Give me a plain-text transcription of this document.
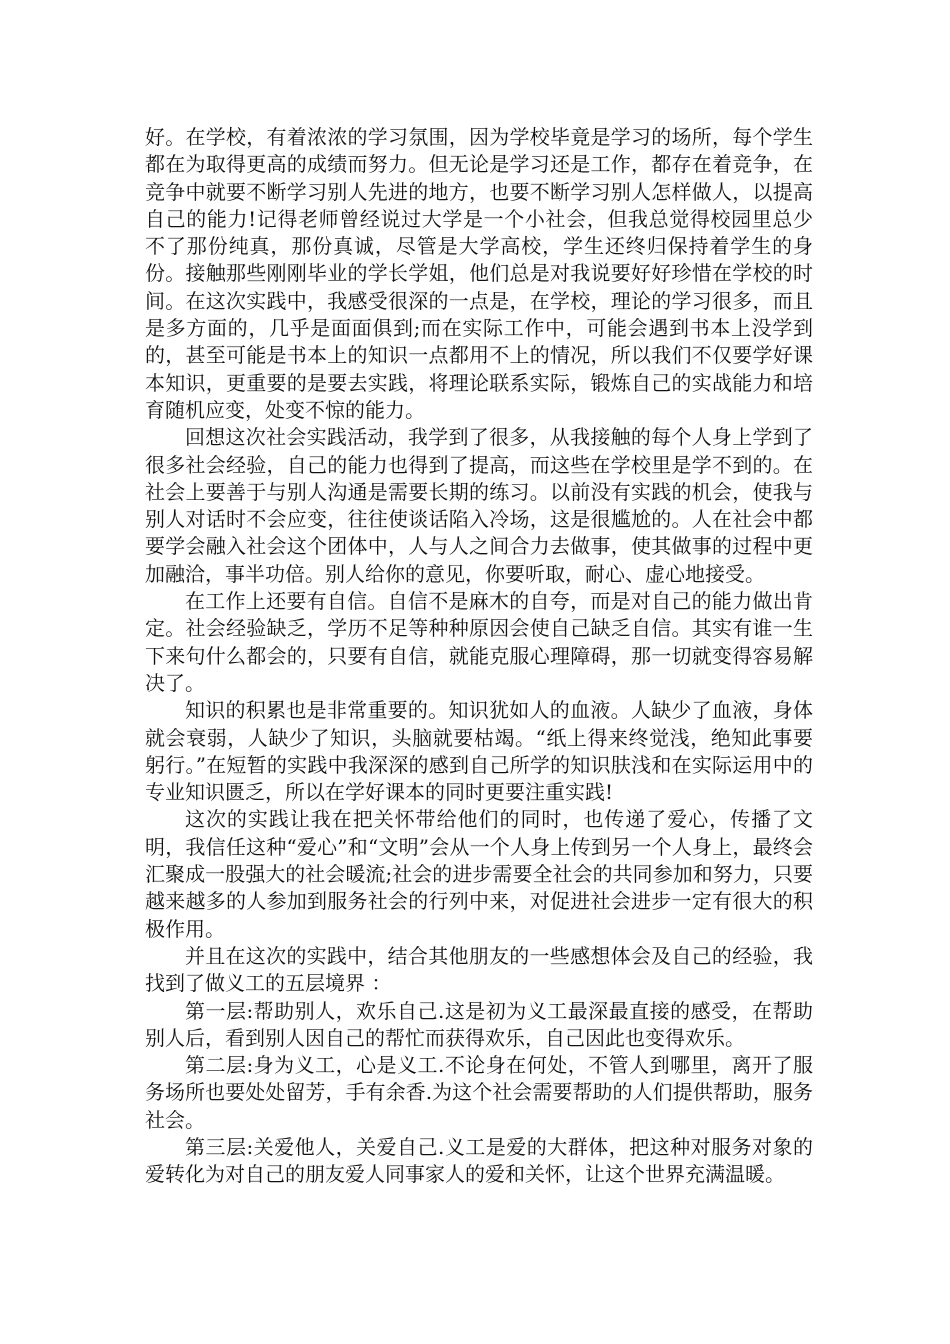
好。在学校，有着浓浓的学习氛围，因为学校毕竟是学习的场所，每个学生都在为取得更高的成绩而努力。但无论是学习还是工作，都存在着竞争，在竞争中就要不断学习别人先进的地方，也要不断学习别人怎样做人，以提高自己的能力!记得老师曾经说过大学是一个小社会，但我总觉得校园里总少不了那份纯真，那份真诚，尽管是大学高校，学生还终归保持着学生的身份。接触那些刚刚毕业的学长学姐，他们总是对我说要好好珍惜在学校的时间。在这次实践中，我感受很深的一点是，在学校，理论的学习很多，而且是多方面的，几乎是面面俱到;而在实际工作中，可能会遇到书本上没学到的，甚至可能是书本上的知识一点都用不上的情况，所以我们不仅要学好课本知识，更重要的是要去实践，将理论联系实际，锻炼自己的实战能力和培育随机应变，处变不惊的能力。

回想这次社会实践活动，我学到了很多，从我接触的每个人身上学到了很多社会经验，自己的能力也得到了提高，而这些在学校里是学不到的。在社会上要善于与别人沟通是需要长期的练习。以前没有实践的机会，使我与别人对话时不会应变，往往使谈话陷入冷场，这是很尴尬的。人在社会中都要学会融入社会这个团体中，人与人之间合力去做事，使其做事的过程中更加融洽，事半功倍。别人给你的意见，你要听取，耐心、虚心地接受。

在工作上还要有自信。自信不是麻木的自夸，而是对自己的能力做出肯定。社会经验缺乏，学历不足等种种原因会使自己缺乏自信。其实有谁一生下来句什么都会的，只要有自信，就能克服心理障碍，那一切就变得容易解决了。

知识的积累也是非常重要的。知识犹如人的血液。人缺少了血液，身体就会衰弱，人缺少了知识，头脑就要枯竭。“纸上得来终觉浅，绝知此事要躬行。”在短暂的实践中我深深的感到自己所学的知识肤浅和在实际运用中的专业知识匮乏，所以在学好课本的同时更要注重实践!

这次的实践让我在把关怀带给他们的同时，也传递了爱心，传播了文明，我信任这种“爱心”和“文明”会从一个人身上传到另一个人身上，最终会汇聚成一股强大的社会暖流;社会的进步需要全社会的共同参加和努力，只要越来越多的人参加到服务社会的行列中来，对促进社会进步一定有很大的积极作用。

并且在这次的实践中，结合其他朋友的一些感想体会及自己的经验，我找到了做义工的五层境界 ：

第一层:帮助别人，欢乐自己.这是初为义工最深最直接的感受，在帮助别人后，看到别人因自己的帮忙而获得欢乐，自己因此也变得欢乐。

第二层:身为义工，心是义工.不论身在何处，不管人到哪里，离开了服务场所也要处处留芳，手有余香.为这个社会需要帮助的人们提供帮助，服务社会。

第三层:关爱他人，关爱自己.义工是爱的大群体，把这种对服务对象的爱转化为对自己的朋友爱人同事家人的爱和关怀，让这个世界充满温暖。
